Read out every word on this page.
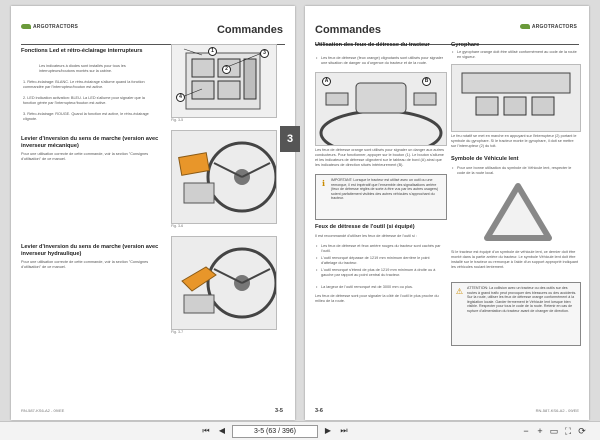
ARGOTRACTORS	Commandes
Fonctions Led et rétro-éclairage interrupteurs
Les indicateurs à diodes sont installés pour tous les interrupteurs/boutons montés sur la cabine.
1. Rétro-éclairage: BLANC. Le rétro-éclairage s'allume quand la fonction commandée par l'interrupteur/bouton est active.
2. LED indication activation: BLEU. La LED s'allume pour signaler que la fonction gérée par l'interrupteur/bouton est active.
3. Rétro-éclairage: ROUGE. Quand la fonction est active, le rétro-éclairage clignote.
1
2
3
4
Fig. 3-5
Levier d'inversion du sens de marche (version avec inverseur mécanique)
Pour une utilisation correcte de cette commande, voir la section "Consignes d'utilisation" de ce manuel.
Fig. 3-6
Levier d'inversion du sens de marche (version avec inverseur hydraulique)
Pour une utilisation correcte de cette commande, voir la section "Consignes d'utilisation" de ce manuel.
Fig. 3-7
RN-587-KS6-A2 - 09/EE	3-5
3
Commandes	ARGOTRACTORS
Utilisation des feux de détresse du tracteur
• Les feux de détresse (feux orange) clignotants sont utilisés pour signaler une situation de danger ou d'urgence du tracteur et de la route.
A	B
Les feux de détresse orange sont utilisés pour signaler un danger aux autres conducteurs. Pour fonctionner, appuyer sur le bouton (1). Le bouton s'allume et les indicateurs de détresse clignotent sur le tableau de bord (A) ainsi que les indicateurs de direction situés intérieurement (B).
ℹ	IMPORTANT: Lorsque le tracteur est utilisé avec un outil ou une remorque, il est impératif que l'ensemble des signalisations arrière (feux de détresse réglés de sorte à être vus par les autres usagers) soient parfaitement visibles des autres véhicules s'approchant du tracteur.
Feux de détresse de l'outil (si équipé)
Il est recommandé d'utiliser les feux de détresse de l'outil si :
• Les feux de détresse et feux arrière rouges du tracteur sont cachés par l'outil.
• L'outil remorqué dépasse de 1219 mm minimum derrière le point d'attelage du tracteur.
• L'outil remorqué s'étend de plus de 1219 mm minimum à droite ou à gauche par rapport au point central du tracteur.
• La largeur de l'outil remorqué est de 3000 mm ou plus.
Les feux de détresse sont pour signaler la côté de l'outil le plus proche du milieu de la route.
Gyrophare
• Le gyrophare orange doit être utilisé conformément au code de la route en vigueur.
Le feu rotatif se met en marche en appuyant sur l'interrupteur (2) portant le symbole du gyrophare. Si le tracteur monte le gyrophare, il doit se mettre sur l'interrupteur (2) du toit.
Symbole de Véhicule lent
• Pour une bonne utilisation du symbole de Véhicule lent, respecter le code de la route local.
Si le tracteur est équipé d'un symbole de véhicule lent, ce dernier doit être monté dans la partie arrière du tracteur. Le symbole Véhicule lent doit être installé sur le tracteur ou remorque à l'aide d'un support approprié indiquant les véhicules roulant lentement.
⚠ ATTENTION: La collision avec un tracteur ou des outils sur des routes à grand trafic peut provoquer des blessures ou des accidents. Sur la route, utiliser les feux de détresse orange conformément à la législation locale. Garder fermement le Véhicule lent lorsque bien visible. Respecter pour tous le code de la route. Retenir en cas de rupture d'alimentation du tracteur avant de changer de direction.
3-6	RN-587-KS6-A2 - 09/EE
⏮	◀	3-5 (63 / 396)	▶	⏭	− + ▭ ⛶ ⟳
